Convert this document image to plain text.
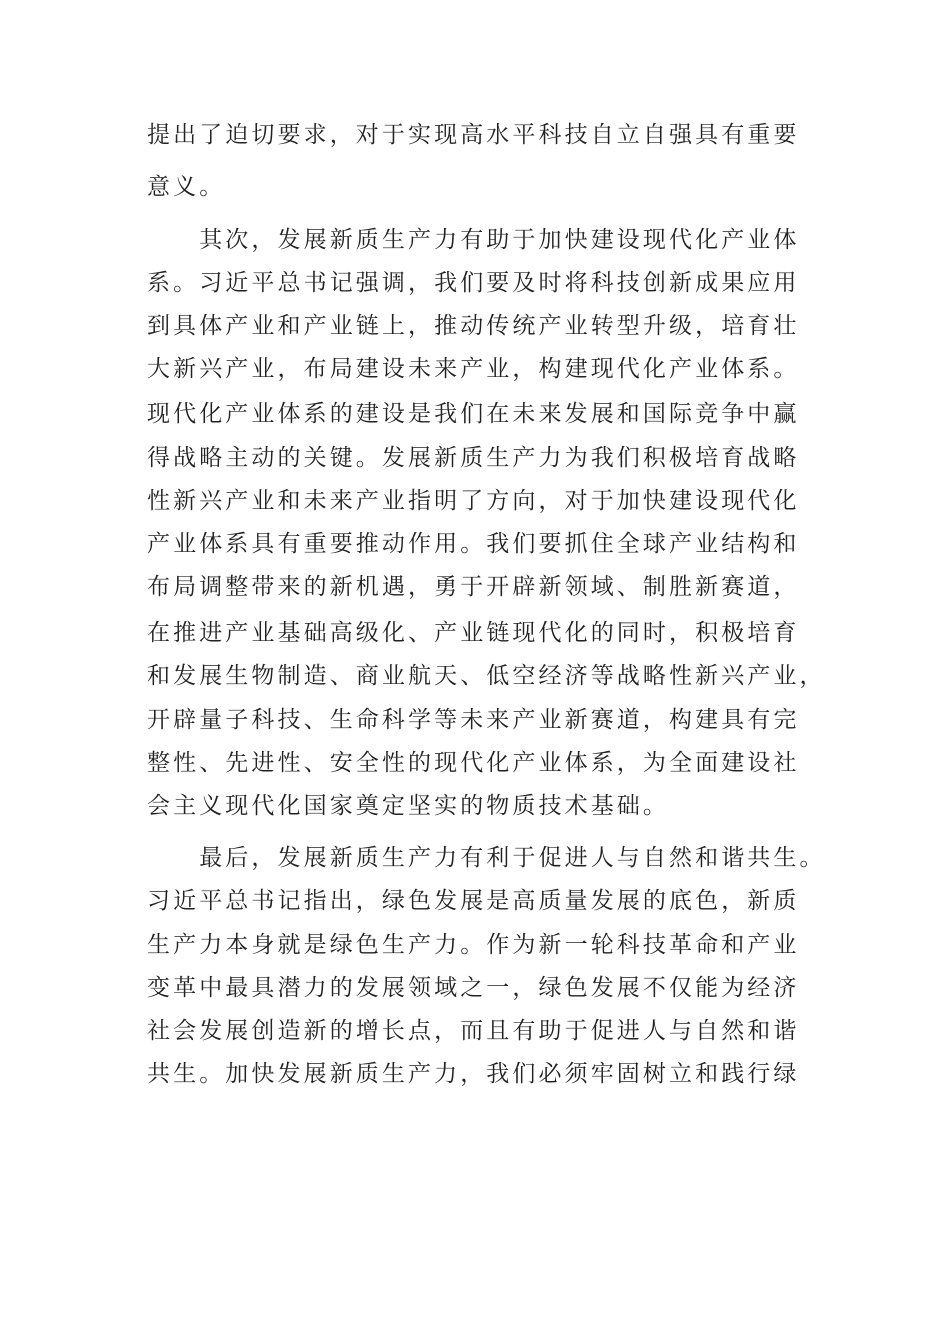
提出了迫切要求，对于实现高水平科技自立自强具有重要
意义。
　　其次，发展新质生产力有助于加快建设现代化产业体
系。习近平总书记强调，我们要及时将科技创新成果应用
到具体产业和产业链上，推动传统产业转型升级，培育壮
大新兴产业，布局建设未来产业，构建现代化产业体系。
现代化产业体系的建设是我们在未来发展和国际竞争中赢
得战略主动的关键。发展新质生产力为我们积极培育战略
性新兴产业和未来产业指明了方向，对于加快建设现代化
产业体系具有重要推动作用。我们要抓住全球产业结构和
布局调整带来的新机遇，勇于开辟新领域、制胜新赛道，
在推进产业基础高级化、产业链现代化的同时，积极培育
和发展生物制造、商业航天、低空经济等战略性新兴产业，
开辟量子科技、生命科学等未来产业新赛道，构建具有完
整性、先进性、安全性的现代化产业体系，为全面建设社
会主义现代化国家奠定坚实的物质技术基础。
　　最后，发展新质生产力有利于促进人与自然和谐共生。
习近平总书记指出，绿色发展是高质量发展的底色，新质
生产力本身就是绿色生产力。作为新一轮科技革命和产业
变革中最具潜力的发展领域之一，绿色发展不仅能为经济
社会发展创造新的增长点，而且有助于促进人与自然和谐
共生。加快发展新质生产力，我们必须牢固树立和践行绿
